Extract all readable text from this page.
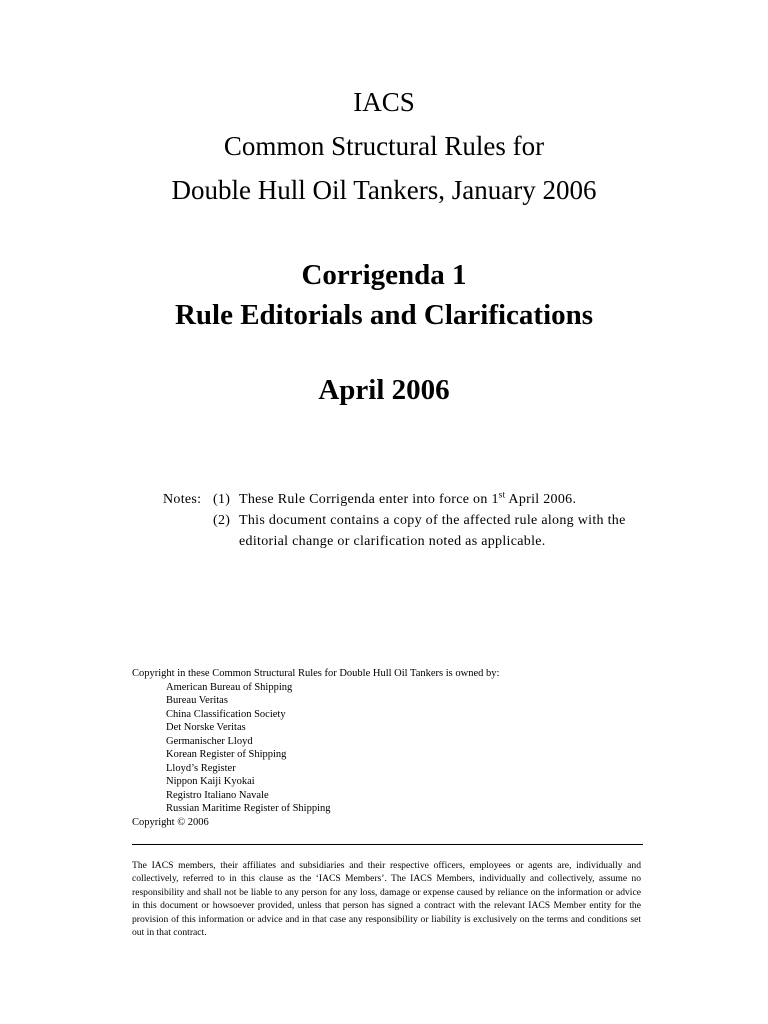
IACS
Common Structural Rules for
Double Hull Oil Tankers, January 2006
Corrigenda 1
Rule Editorials and Clarifications
April 2006
Notes: (1) These Rule Corrigenda enter into force on 1st April 2006.
(2) This document contains a copy of the affected rule along with the editorial change or clarification noted as applicable.
Copyright in these Common Structural Rules for Double Hull Oil Tankers is owned by:
American Bureau of Shipping
Bureau Veritas
China Classification Society
Det Norske Veritas
Germanischer Lloyd
Korean Register of Shipping
Lloyd’s Register
Nippon Kaiji Kyokai
Registro Italiano Navale
Russian Maritime Register of Shipping
Copyright © 2006
The IACS members, their affiliates and subsidiaries and their respective officers, employees or agents are, individually and collectively, referred to in this clause as the ‘IACS Members’. The IACS Members, individually and collectively, assume no responsibility and shall not be liable to any person for any loss, damage or expense caused by reliance on the information or advice in this document or howsoever provided, unless that person has signed a contract with the relevant IACS Member entity for the provision of this information or advice and in that case any responsibility or liability is exclusively on the terms and conditions set out in that contract.
